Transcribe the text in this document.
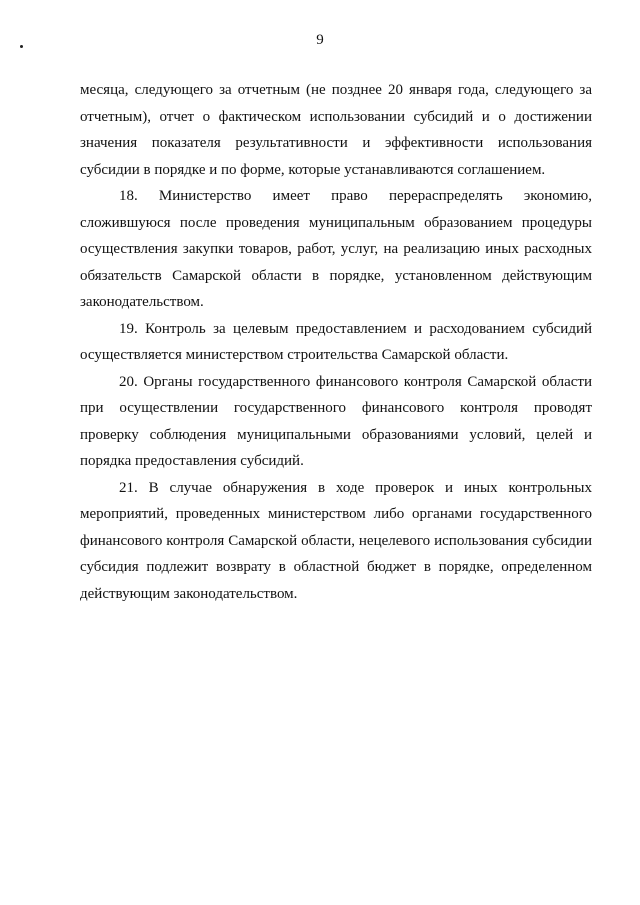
9

месяца, следующего за отчетным (не позднее 20 января года, следующего за отчетным), отчет о фактическом использовании субсидий и о достижении значения показателя результативности и эффективности использования субсидии в порядке и по форме, которые устанавливаются соглашением.

18. Министерство имеет право перераспределять экономию, сложившуюся после проведения муниципальным образованием процедуры осуществления закупки товаров, работ, услуг, на реализацию иных расходных обязательств Самарской области в порядке, установленном действующим законодательством.

19. Контроль за целевым предоставлением и расходованием субсидий осуществляется министерством строительства Самарской области.

20. Органы государственного финансового контроля Самарской области при осуществлении государственного финансового контроля проводят проверку соблюдения муниципальными образованиями условий, целей и порядка предоставления субсидий.

21. В случае обнаружения в ходе проверок и иных контрольных мероприятий, проведенных министерством либо органами государственного финансового контроля Самарской области, нецелевого использования субсидии субсидия подлежит возврату в областной бюджет в порядке, определенном действующим законодательством.
